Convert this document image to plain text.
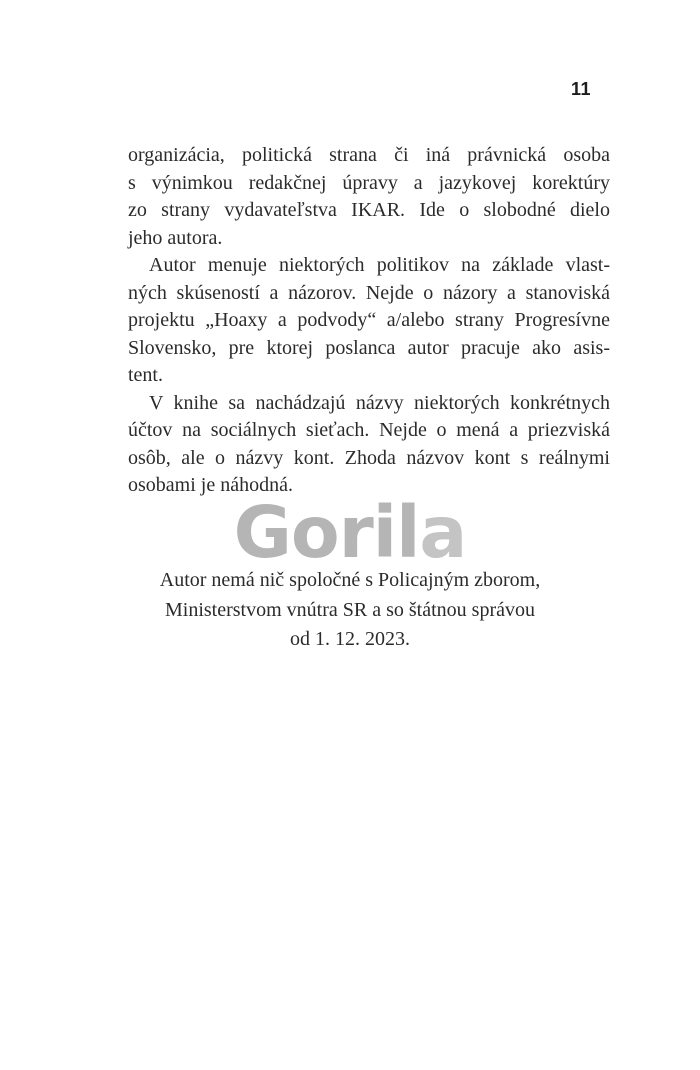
11
organizácia, politická strana či iná právnická osoba
s výnimkou redakčnej úpravy a jazykovej korektúry
zo strany vydavateľstva IKAR. Ide o slobodné dielo
jeho autora.
Autor menuje niektorých politikov na základe vlast-
ných skúseností a názorov. Nejde o názory a stanoviská
projektu „Hoaxy a podvody“ a/alebo strany Progresívne
Slovensko, pre ktorej poslanca autor pracuje ako asis-
tent.
V knihe sa nachádzajú názvy niektorých konkrétnych
účtov na sociálnych sieťach. Nejde o mená a priezviská
osôb, ale o názvy kont. Zhoda názvov kont s reálnymi
osobami je náhodná.
Gorila
Autor nemá nič spoločné s Policajným zborom,
Ministerstvom vnútra SR a so štátnou správou
od 1. 12. 2023.
